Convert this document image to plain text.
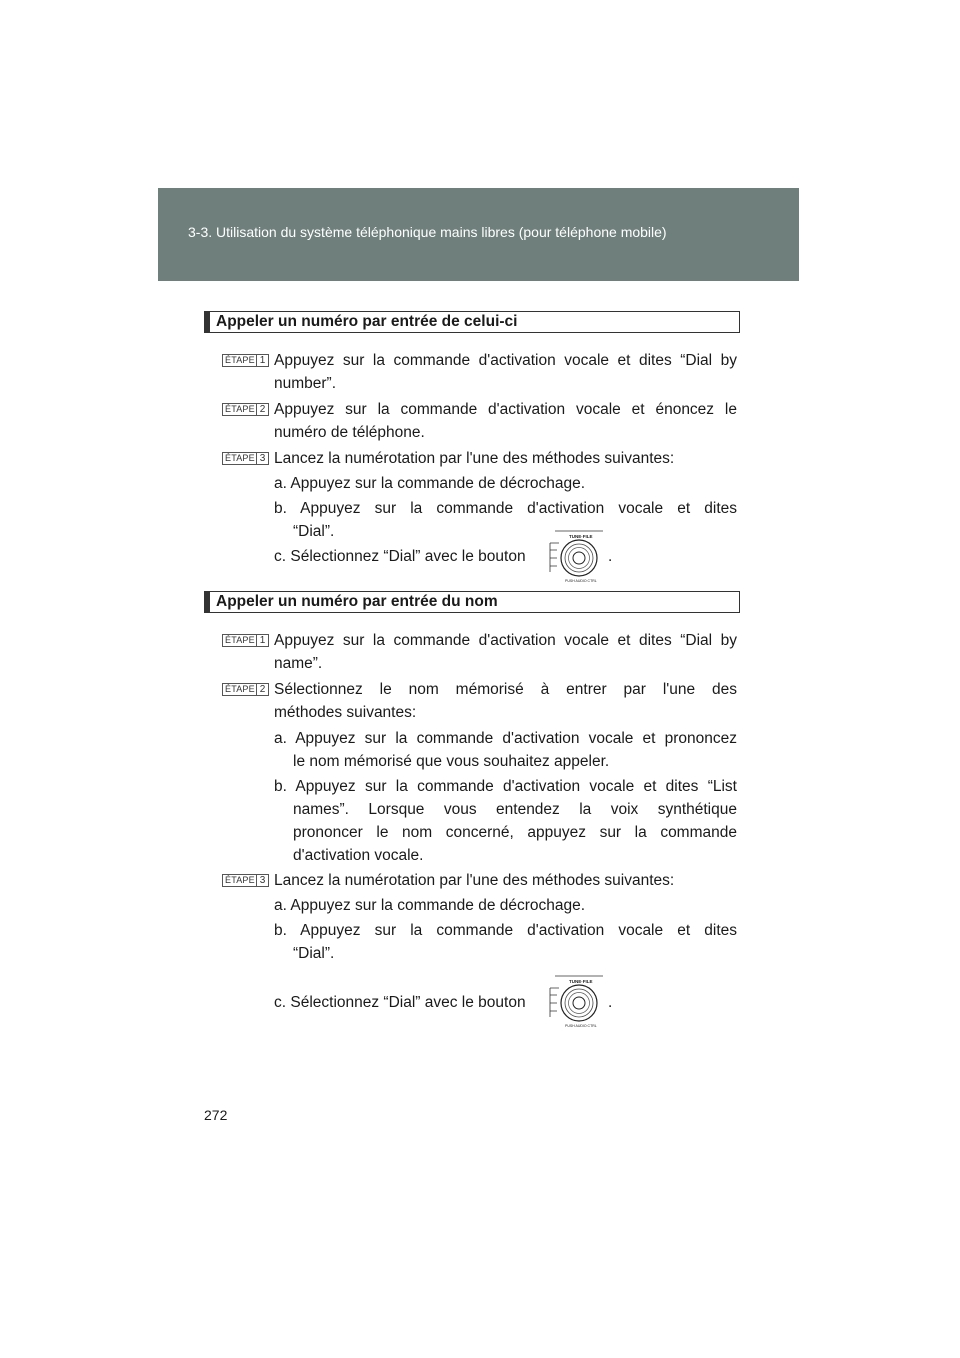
3-3. Utilisation du système téléphonique mains libres (pour téléphone mobile)
Appeler un numéro par entrée de celui-ci
ÉTAPE 1 Appuyez sur la commande d'activation vocale et dites “Dial by
number”.
ÉTAPE 2 Appuyez sur la commande d'activation vocale et énoncez le
numéro de téléphone.
ÉTAPE 3 Lancez la numérotation par l'une des méthodes suivantes:
a. Appuyez sur la commande de décrochage.
b. Appuyez sur la commande d'activation vocale et dites
“Dial”.
c. Sélectionnez “Dial” avec le bouton
TUNE·FILE
PUSH AUDIO CTRL
.
Appeler un numéro par entrée du nom
ÉTAPE 1 Appuyez sur la commande d'activation vocale et dites “Dial by
name”.
ÉTAPE 2 Sélectionnez le nom mémorisé à entrer par l'une des
méthodes suivantes:
a. Appuyez sur la commande d'activation vocale et prononcez
le nom mémorisé que vous souhaitez appeler.
b. Appuyez sur la commande d'activation vocale et dites “List
names”. Lorsque vous entendez la voix synthétique
prononcer le nom concerné, appuyez sur la commande
d'activation vocale.
ÉTAPE 3 Lancez la numérotation par l'une des méthodes suivantes:
a. Appuyez sur la commande de décrochage.
b. Appuyez sur la commande d'activation vocale et dites
“Dial”.
c. Sélectionnez “Dial” avec le bouton
TUNE·FILE
PUSH AUDIO CTRL
.
272
